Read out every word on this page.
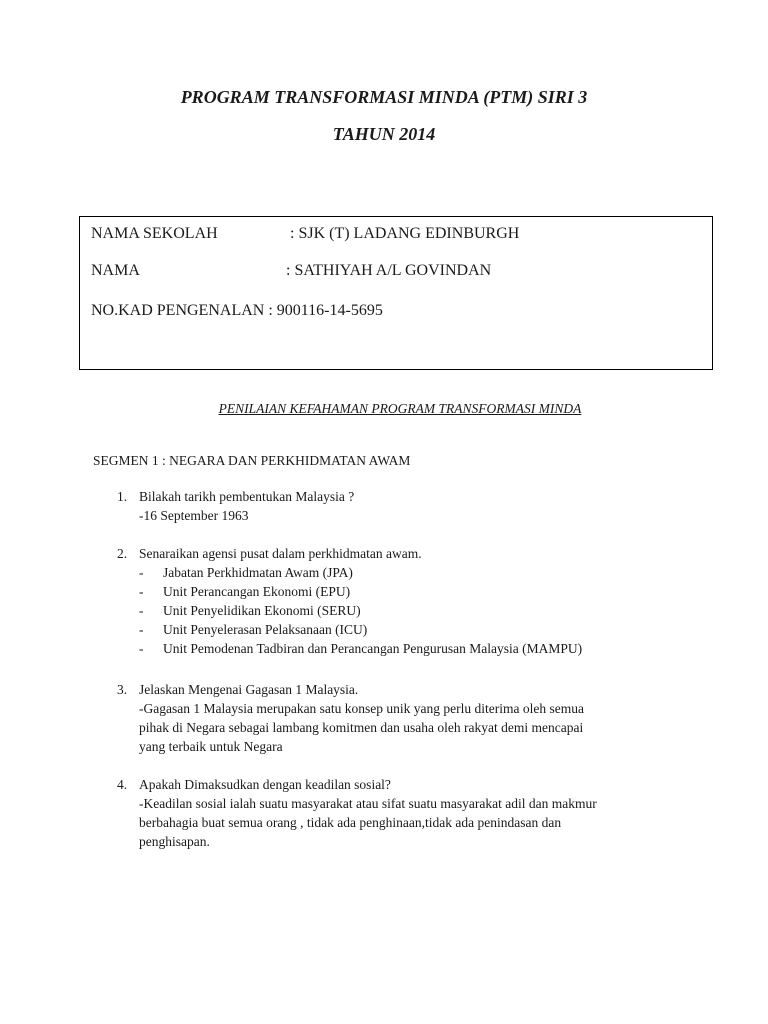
PROGRAM TRANSFORMASI MINDA (PTM) SIRI 3
TAHUN 2014
NAMA SEKOLAH	: SJK (T) LADANG EDINBURGH
NAMA	: SATHIYAH A/L GOVINDAN
NO.KAD PENGENALAN : 900116-14-5695

PENILAIAN KEFAHAMAN PROGRAM TRANSFORMASI MINDA

SEGMEN 1 : NEGARA DAN PERKHIDMATAN AWAM

1. Bilakah tarikh pembentukan Malaysia ?

-16 September 1963

2. Senaraikan agensi pusat dalam perkhidmatan awam.

- Jabatan Perkhidmatan Awam (JPA)
- Unit Perancangan Ekonomi (EPU)
- Unit Penyelidikan Ekonomi (SERU)
- Unit Penyelerasan Pelaksanaan (ICU)
- Unit Pemodenan Tadbiran dan Perancangan Pengurusan Malaysia (MAMPU)
3. Jelaskan Mengenai Gagasan 1 Malaysia.

-Gagasan 1 Malaysia merupakan satu konsep unik yang perlu diterima oleh semua

pihak di Negara sebagai lambang komitmen dan usaha oleh rakyat demi mencapai

yang terbaik untuk Negara

4. Apakah Dimaksudkan dengan keadilan sosial?

-Keadilan sosial ialah suatu masyarakat atau sifat suatu masyarakat adil dan makmur

berbahagia buat semua orang , tidak ada penghinaan,tidak ada penindasan dan

penghisapan.
